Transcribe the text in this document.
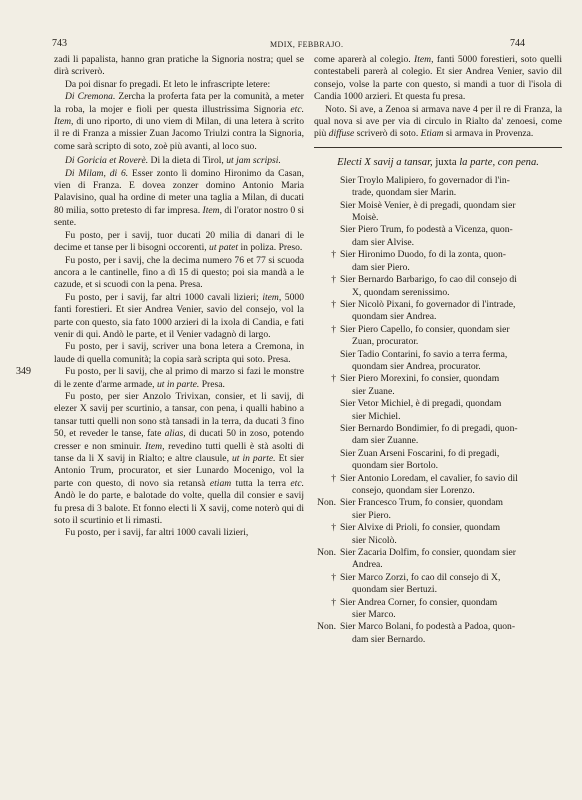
743	MDIX, FEBBRAJO.	744

zadi li papalista, hanno gran pratiche la Signoria nostra; quel se dirà scriverò.

Da poi disnar fo pregadi. Et leto le infrascripte letere:

Di Cremona. Zercha la proferta fata per la comunità, a meter la roba, la mojer e fioli per questa illustrissima Signoria etc. Item, di uno riporto, di uno viem di Milan, di una letera à scrito il re di Franza a missier Zuan Jacomo Triulzi contra la Signoria, come sarà scripto di soto, zoè più avanti, al loco suo.

Di Goricia et Roverè. Di la dieta di Tirol, ut jam scripsi.

Di Milam, di 6. Esser zonto lì domino Hironimo da Casan, vien di Franza. E dovea zonzer domino Antonio Maria Palavisino, qual ha ordine di meter una taglia a Milan, di ducati 80 milia, sotto pretesto di far impresa. Item, di l'orator nostro 0 si sente.

Fu posto, per i savij, tuor ducati 20 milia di danari di le decime et tanse per li bisogni occorenti, ut patet in poliza. Preso.

Fu posto, per i savij, che la decima numero 76 et 77 si scuoda ancora a le cantinelle, fino a dì 15 di questo; poi sia mandà a le cazude, et si scuodi con la pena. Presa.

Fu posto, per i savij, far altri 1000 cavali lizieri; item, 5000 fanti forestieri. Et sier Andrea Venier, savio del consejo, vol la parte con questo, sia fato 1000 arzieri di la ixola di Candia, e fati venir di qui. Andò le parte, et il Venier vadagnò di largo.

Fu posto, per i savij, scriver una bona letera a Cremona, in laude di quella comunità; la copia sarà scripta qui soto. Presa.

349	Fu posto, per li savij, che al primo di marzo si fazi le monstre di le zente d'arme armade, ut in parte. Presa.

Fu posto, per sier Anzolo Trivixan, consier, et li savij, di elezer X savij per scurtinio, a tansar, con pena, i qualli habino a tansar tutti quelli non sono stà tansadi in la terra, da ducati 3 fino 50, et reveder le tanse, fate alias, di ducati 50 in zoso, potendo cresser e non sminuir. Item, revedino tutti quelli è stà asolti di tanse da li X savij in Rialto; e altre clausule, ut in parte. Et sier Antonio Trum, procurator, et sier Lunardo Mocenigo, vol la parte con questo, di novo sia retansà etiam tutta la terra etc. Andò le do parte, e balotade do volte, quella dil consier e savij fu presa di 3 balote. Et fonno electi li X savij, come noterò qui di soto il scurtinio et li rimasti.

Fu posto, per i savij, far altri 1000 cavali lizieri,

come aparerà al colegio. Item, fanti 5000 forestieri, soto quelli contestabeli parerà al colegio. Et sier Andrea Venier, savio dil consejo, volse la parte con questo, si mandi a tuor di l'isola di Candia 1000 arzieri. Et questa fu presa.

Noto. Si ave, a Zenoa si armava nave 4 per il re di Franza, la qual nova si ave per via di circulo in Rialto da' zenoesi, come più diffuse scriverò di soto. Etiam si armava in Provenza.

Electi X savij a tansar, juxta la parte, con pena.

Sier Troylo Malipiero, fo governador di l'in-
trade, quondam sier Marin.
Sier Moisè Venier, è di pregadi, quondam sier
Moisè.
Sier Piero Trum, fo podestà a Vicenza, quon-
dam sier Alvise.
† Sier Hironimo Duodo, fo di la zonta, quon-
dam sier Piero.
† Sier Bernardo Barbarigo, fo cao dil consejo di
X, quondam serenissimo.
† Sier Nicolò Pixani, fo governador di l'intrade,
quondam sier Andrea.
† Sier Piero Capello, fo consier, quondam sier
Zuan, procurator.
Sier Tadio Contarini, fo savio a terra ferma,
quondam sier Andrea, procurator.
† Sier Piero Morexini, fo consier, quondam
sier Zuane.
Sier Vetor Michiel, è di pregadi, quondam
sier Michiel.
Sier Bernardo Bondimier, fo di pregadi, quon-
dam sier Zuanne.
Sier Zuan Arseni Foscarini, fo di pregadi,
quondam sier Bortolo.
† Sier Antonio Loredam, el cavalier, fo savio dil
consejo, quondam sier Lorenzo.
Non. Sier Francesco Trum, fo consier, quondam
sier Piero.
† Sier Alvixe di Prioli, fo consier, quondam
sier Nicolò.
Non. Sier Zacaria Dolfim, fo consier, quondam sier
Andrea.
† Sier Marco Zorzi, fo cao dil consejo di X,
quondam sier Bertuzi.
† Sier Andrea Corner, fo consier, quondam
sier Marco.
Non. Sier Marco Bolani, fo podestà a Padoa, quon-
dam sier Bernardo.
